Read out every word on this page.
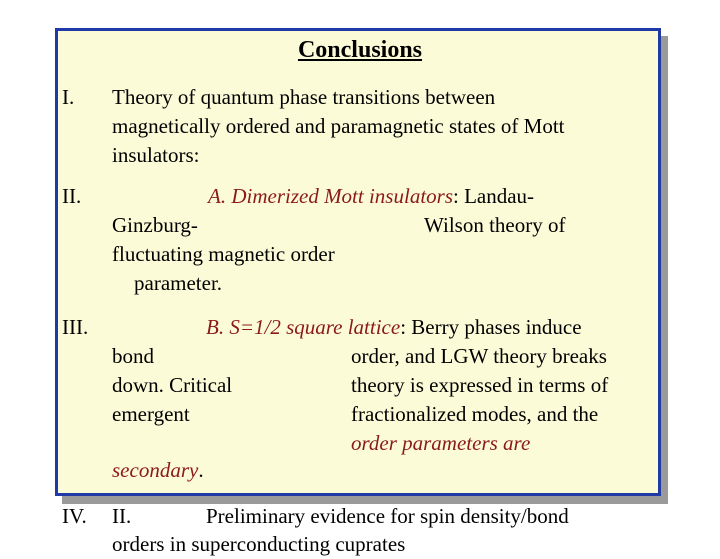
Conclusions
I. Theory of quantum phase transitions between
magnetically ordered and paramagnetic states of Mott
insulators:
II.	A. Dimerized Mott insulators: Landau-
Ginzburg-	Wilson theory of
fluctuating magnetic order
parameter.
III.	B. S=1/2 square lattice: Berry phases induce
bond	order, and LGW theory breaks
down. Critical	theory is expressed in terms of
emergent	fractionalized modes, and the
order parameters are
secondary.
IV. II.	Preliminary evidence for spin density/bond
orders in superconducting cuprates
